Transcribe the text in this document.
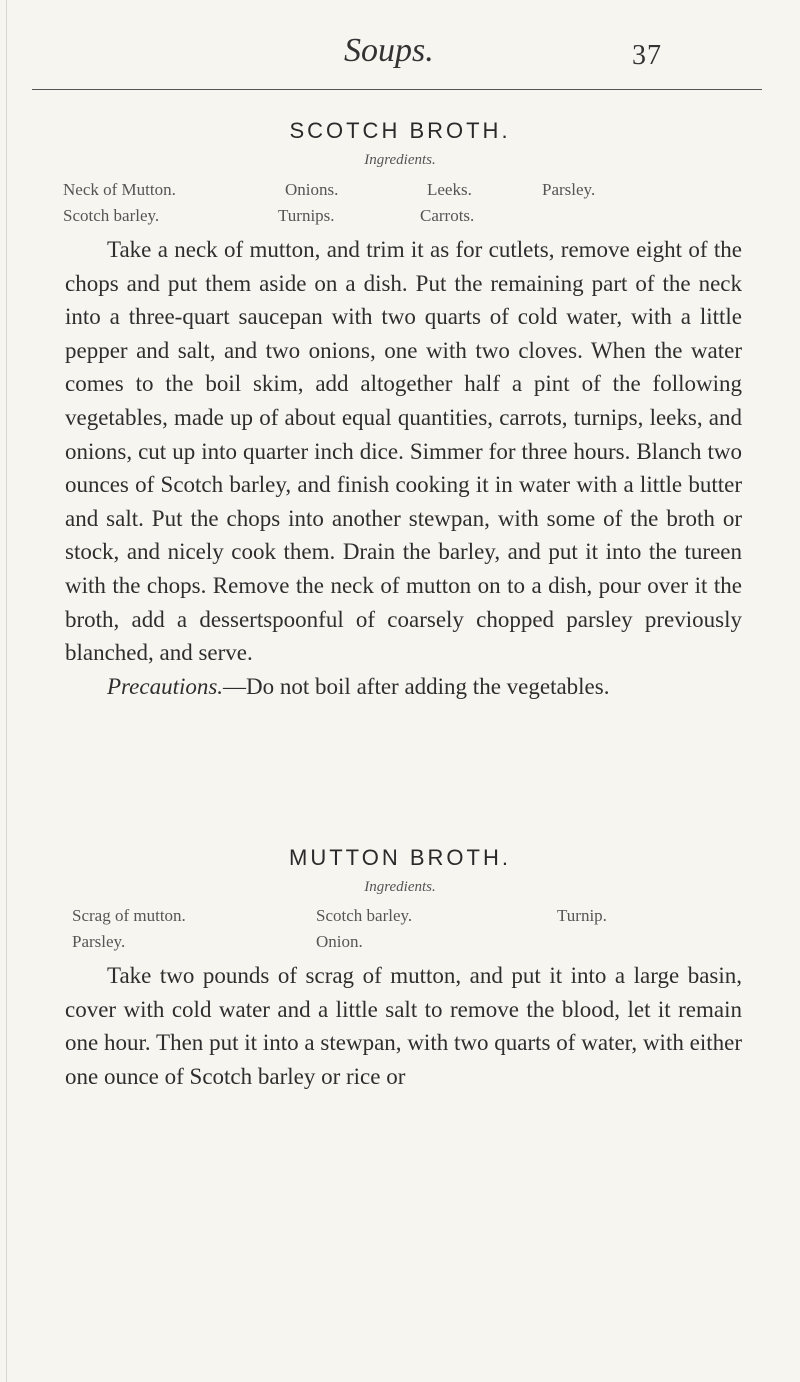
Soups.	37
SCOTCH BROTH.
Ingredients.
Neck of Mutton.	Onions.	Leeks.	Parsley.
Scotch barley.	Turnips.	Carrots.

Take a neck of mutton, and trim it as for cutlets, remove eight of the chops and put them aside on a dish. Put the remaining part of the neck into a three-quart saucepan with two quarts of cold water, with a little pepper and salt, and two onions, one with two cloves. When the water comes to the boil skim, add altogether half a pint of the following vegetables, made up of about equal quantities, carrots, turnips, leeks, and onions, cut up into quarter inch dice. Simmer for three hours. Blanch two ounces of Scotch barley, and finish cooking it in water with a little butter and salt. Put the chops into another stewpan, with some of the broth or stock, and nicely cook them. Drain the barley, and put it into the tureen with the chops. Remove the neck of mutton on to a dish, pour over it the broth, add a dessertspoonful of coarsely chopped parsley previously blanched, and serve.

Precautions.—Do not boil after adding the vegetables.

MUTTON BROTH.
Ingredients.
Scrag of mutton.	Scotch barley.	Turnip.
Parsley.	Onion.

Take two pounds of scrag of mutton, and put it into a large basin, cover with cold water and a little salt to remove the blood, let it remain one hour. Then put it into a stewpan, with two quarts of water, with either one ounce of Scotch barley or rice or
